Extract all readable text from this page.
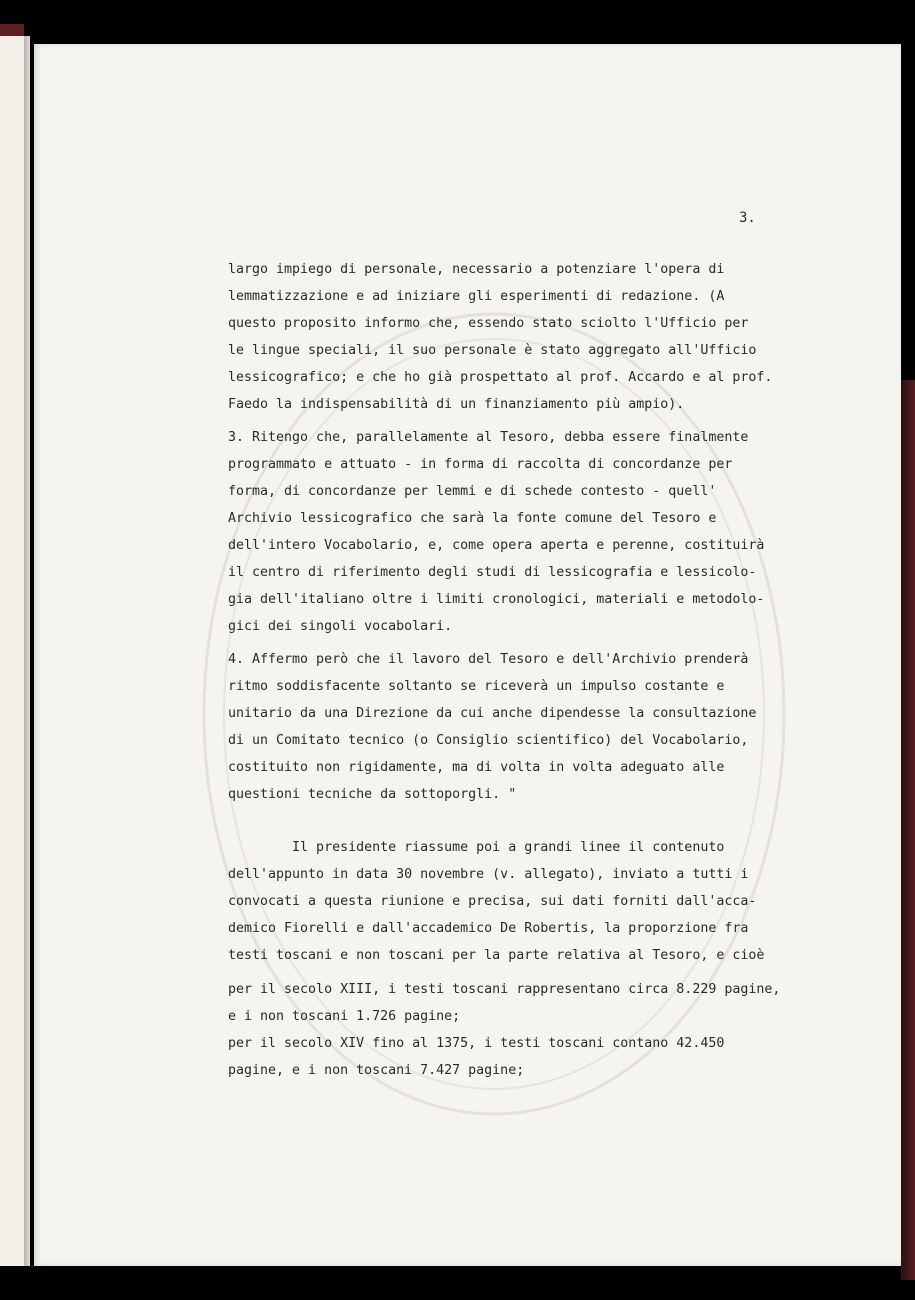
3.
largo impiego di personale, necessario a potenziare l'opera di
lemmatizzazione e ad iniziare gli esperimenti di redazione. (A
questo proposito informo che, essendo stato sciolto l'Ufficio per
le lingue speciali, il suo personale è stato aggregato all'Ufficio
lessicografico; e che ho già prospettato al prof. Accardo e al prof.
Faedo la indispensabilità di un finanziamento più ampio).
3. Ritengo che, parallelamente al Tesoro, debba essere finalmente
programmato e attuato - in forma di raccolta di concordanze per
forma, di concordanze per lemmi e di schede contesto - quell'
Archivio lessicografico che sarà la fonte comune del Tesoro e
dell'intero Vocabolario, e, come opera aperta e perenne, costituirà
il centro di riferimento degli studi di lessicografia e lessicolo-
gia dell'italiano oltre i limiti cronologici, materiali e metodolo-
gici dei singoli vocabolari.
4. Affermo però che il lavoro del Tesoro e dell'Archivio prenderà
ritmo soddisfacente soltanto se riceverà un impulso costante e
unitario da una Direzione da cui anche dipendesse la consultazione
di un Comitato tecnico (o Consiglio scientifico) del Vocabolario,
costituito non rigidamente, ma di volta in volta adeguato alle
questioni tecniche da sottoporgli. "
Il presidente riassume poi a grandi linee il contenuto
dell'appunto in data 30 novembre (v. allegato), inviato a tutti i
convocati a questa riunione e precisa, sui dati forniti dall'acca-
demico Fiorelli e dall'accademico De Robertis, la proporzione fra
testi toscani e non toscani per la parte relativa al Tesoro, e cioè
per il secolo XIII, i testi toscani rappresentano circa 8.229 pagine,
e i non toscani 1.726 pagine;
per il secolo XIV fino al 1375, i testi toscani contano 42.450
pagine, e i non toscani 7.427 pagine;
